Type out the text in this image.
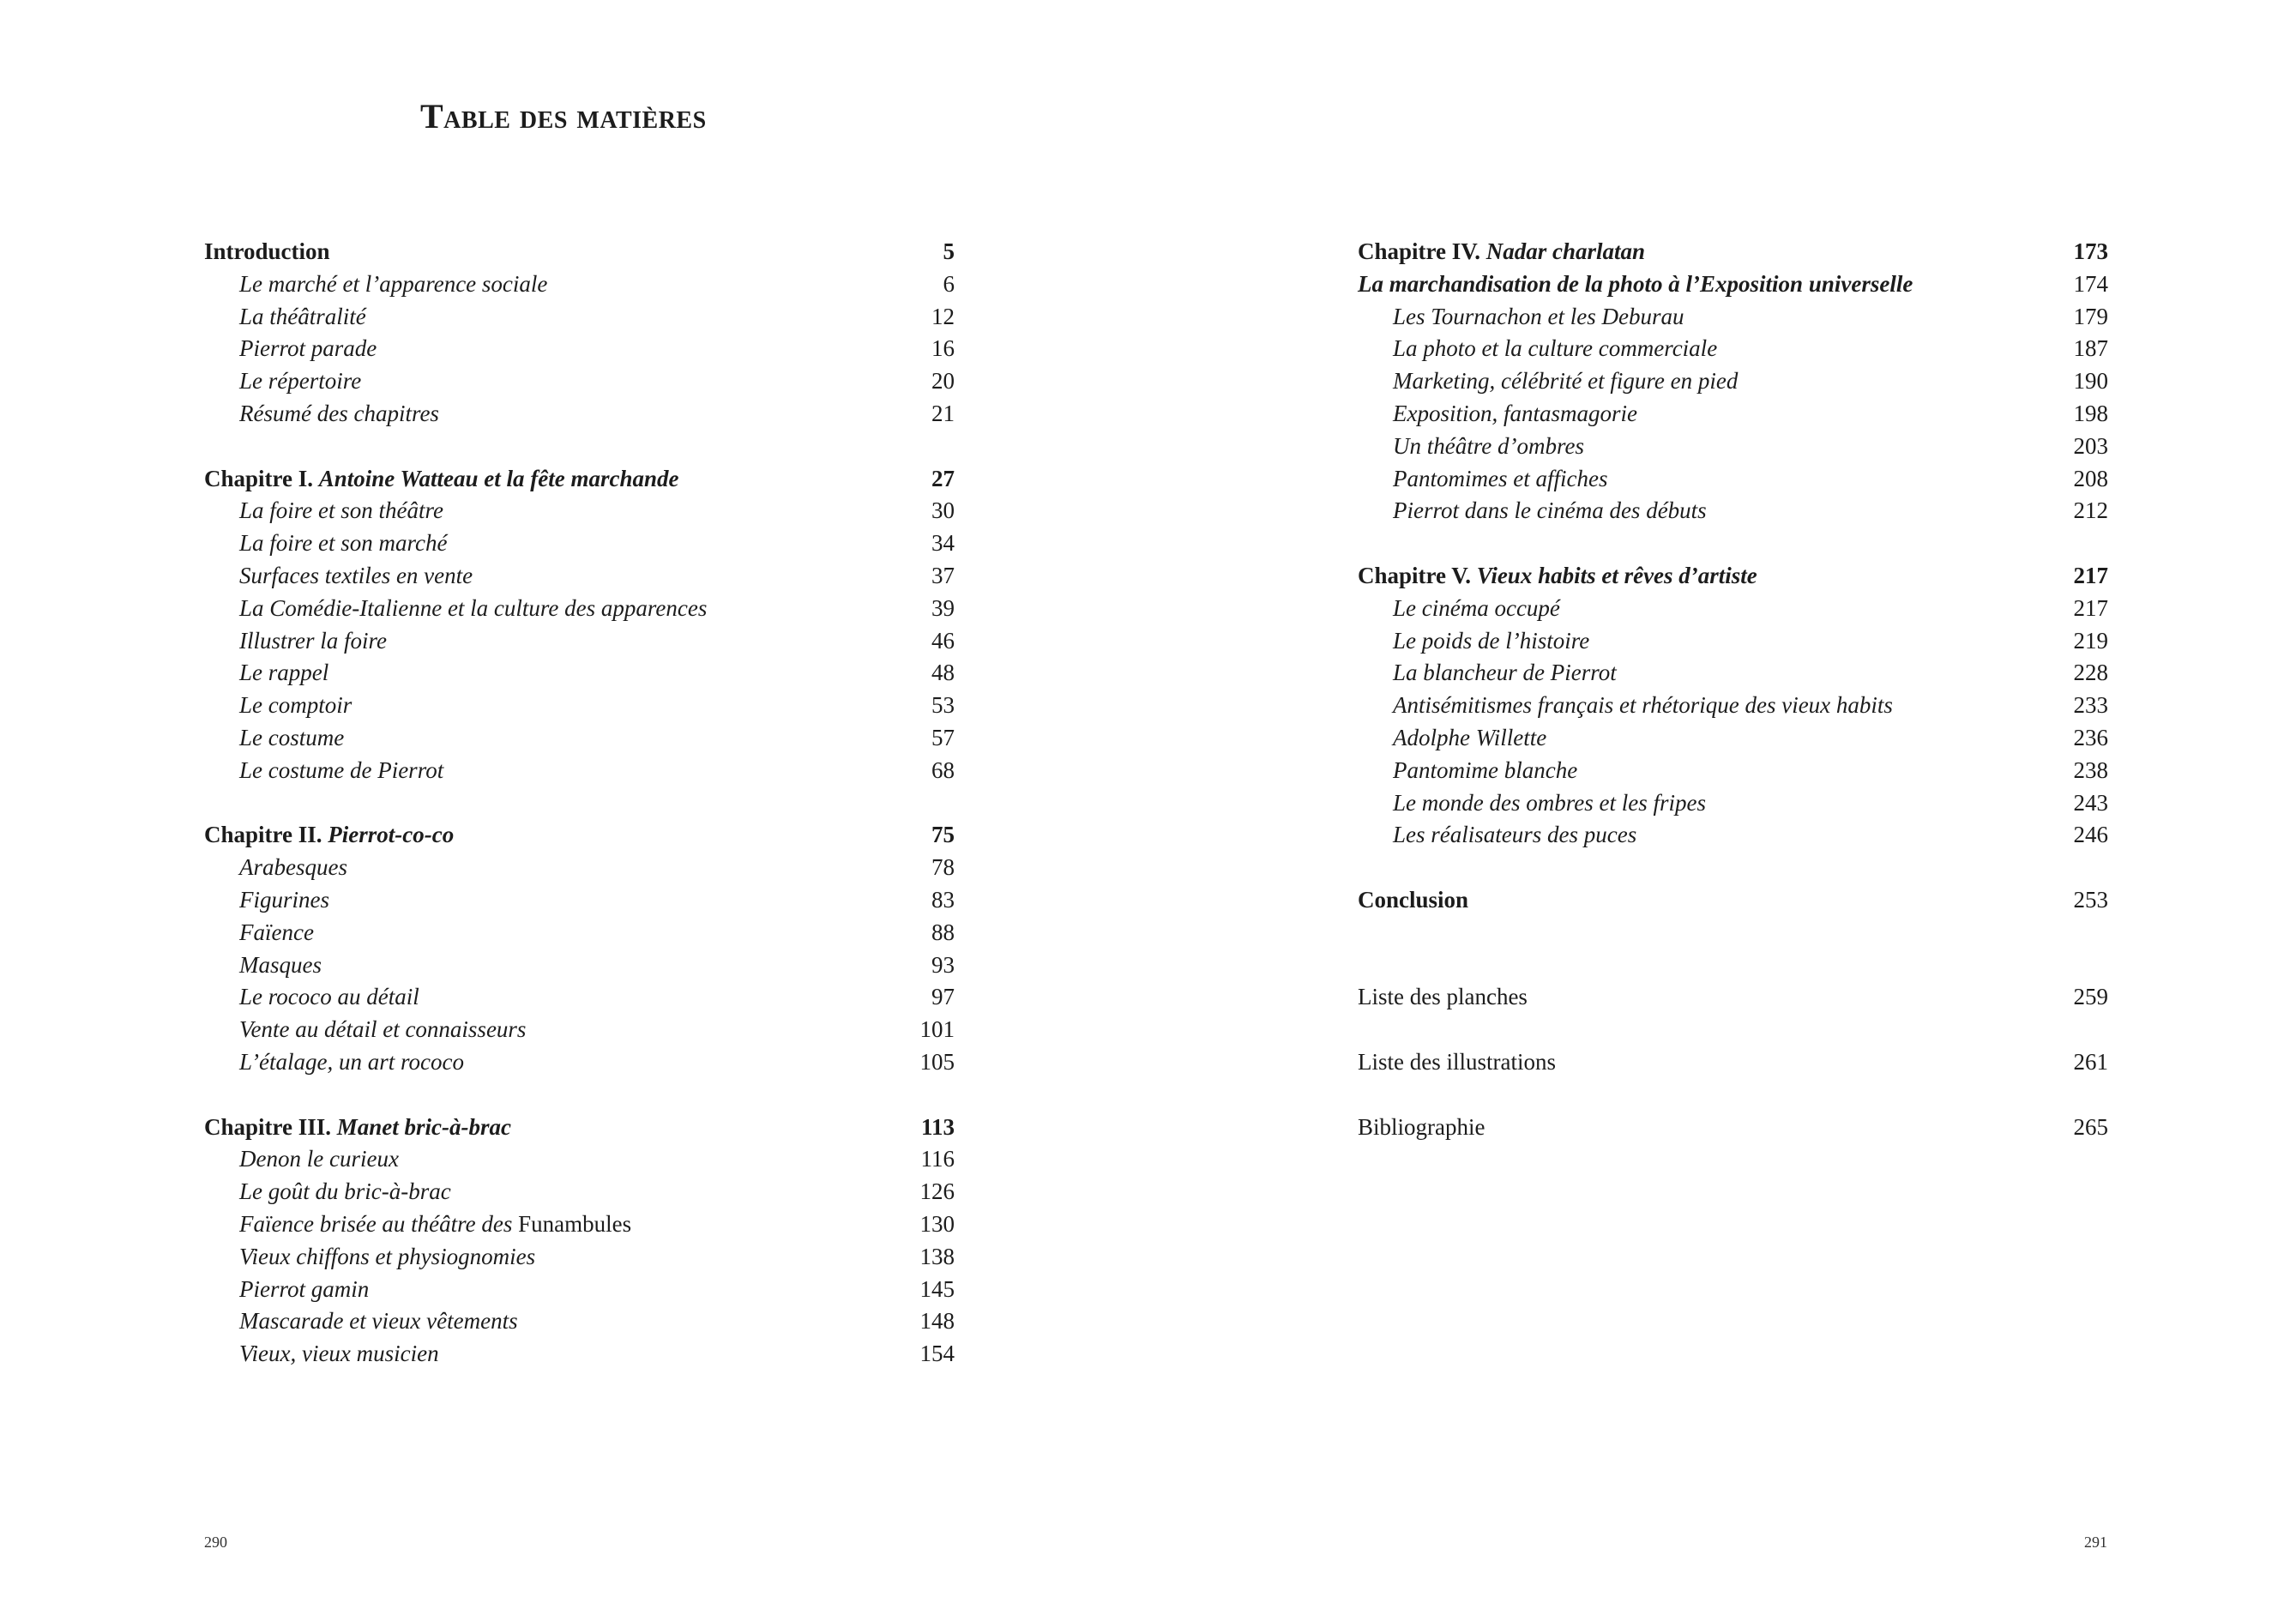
Table des matières
Introduction	5
Le marché et l’apparence sociale	6
La théâtralité	12
Pierrot parade	16
Le répertoire	20
Résumé des chapitres	21
Chapitre I. Antoine Watteau et la fête marchande	27
La foire et son théâtre	30
La foire et son marché	34
Surfaces textiles en vente	37
La Comédie-Italienne et la culture des apparences	39
Illustrer la foire	46
Le rappel	48
Le comptoir	53
Le costume	57
Le costume de Pierrot	68
Chapitre II. Pierrot-co-co	75
Arabesques	78
Figurines	83
Faïence	88
Masques	93
Le rococo au détail	97
Vente au détail et connaisseurs	101
L’étalage, un art rococo	105
Chapitre III. Manet bric-à-brac	113
Denon le curieux	116
Le goût du bric-à-brac	126
Faïence brisée au théâtre des Funambules	130
Vieux chiffons et physiognomies	138
Pierrot gamin	145
Mascarade et vieux vêtements	148
Vieux, vieux musicien	154
Chapitre IV. Nadar charlatan	173
La marchandisation de la photo à l’Exposition universelle	174
Les Tournachon et les Deburau	179
La photo et la culture commerciale	187
Marketing, célébrité et figure en pied	190
Exposition, fantasmagorie	198
Un théâtre d’ombres	203
Pantomimes et affiches	208
Pierrot dans le cinéma des débuts	212
Chapitre V. Vieux habits et rêves d’artiste	217
Le cinéma occupé	217
Le poids de l’histoire	219
La blancheur de Pierrot	228
Antisémitismes français et rhétorique des vieux habits	233
Adolphe Willette	236
Pantomime blanche	238
Le monde des ombres et les fripes	243
Les réalisateurs des puces	246
Conclusion	253
Liste des planches	259
Liste des illustrations	261
Bibliographie	265
290	291
